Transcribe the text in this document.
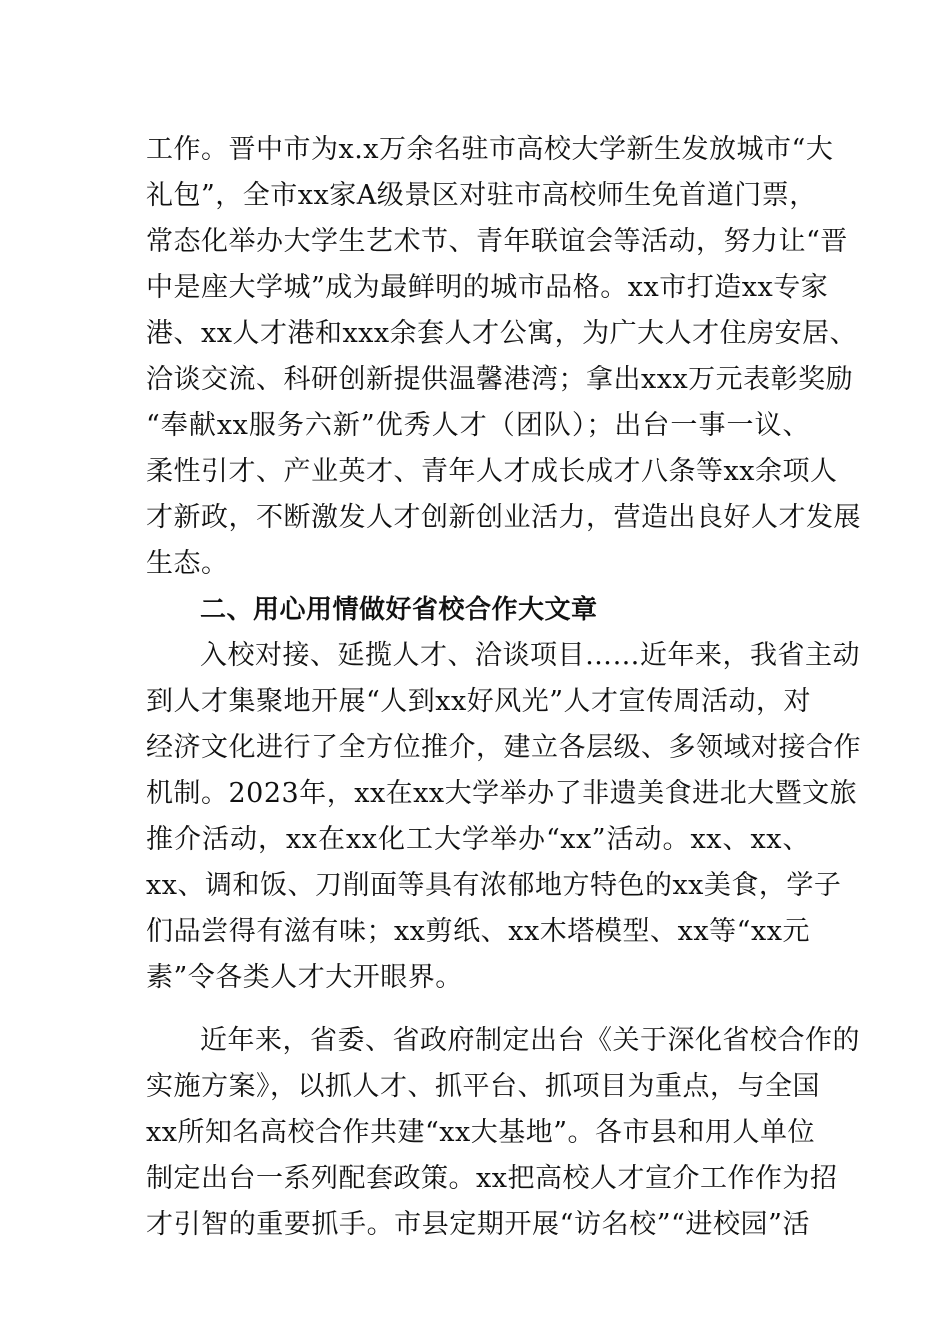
工作。晋中市为x.x万余名驻市高校大学新生发放城市“大
礼包”，全市xx家A级景区对驻市高校师生免首道门票，
常态化举办大学生艺术节、青年联谊会等活动，努力让“晋
中是座大学城”成为最鲜明的城市品格。xx市打造xx专家
港、xx人才港和xxx余套人才公寓，为广大人才住房安居、
洽谈交流、科研创新提供温馨港湾；拿出xxx万元表彰奖励
“奉献xx服务六新”优秀人才（团队）；出台一事一议、
柔性引才、产业英才、青年人才成长成才八条等xx余项人
才新政，不断激发人才创新创业活力，营造出良好人才发展
生态。
二、用心用情做好省校合作大文章
入校对接、延揽人才、洽谈项目……近年来，我省主动
到人才集聚地开展“人到xx好风光”人才宣传周活动，对
经济文化进行了全方位推介，建立各层级、多领域对接合作
机制。2023年，xx在xx大学举办了非遗美食进北大暨文旅
推介活动，xx在xx化工大学举办“xx”活动。xx、xx、
xx、调和饭、刀削面等具有浓郁地方特色的xx美食，学子
们品尝得有滋有味；xx剪纸、xx木塔模型、xx等“xx元
素”令各类人才大开眼界。
近年来，省委、省政府制定出台《关于深化省校合作的
实施方案》，以抓人才、抓平台、抓项目为重点，与全国
xx所知名高校合作共建“xx大基地”。各市县和用人单位
制定出台一系列配套政策。xx把高校人才宣介工作作为招
才引智的重要抓手。市县定期开展“访名校”“进校园”活
